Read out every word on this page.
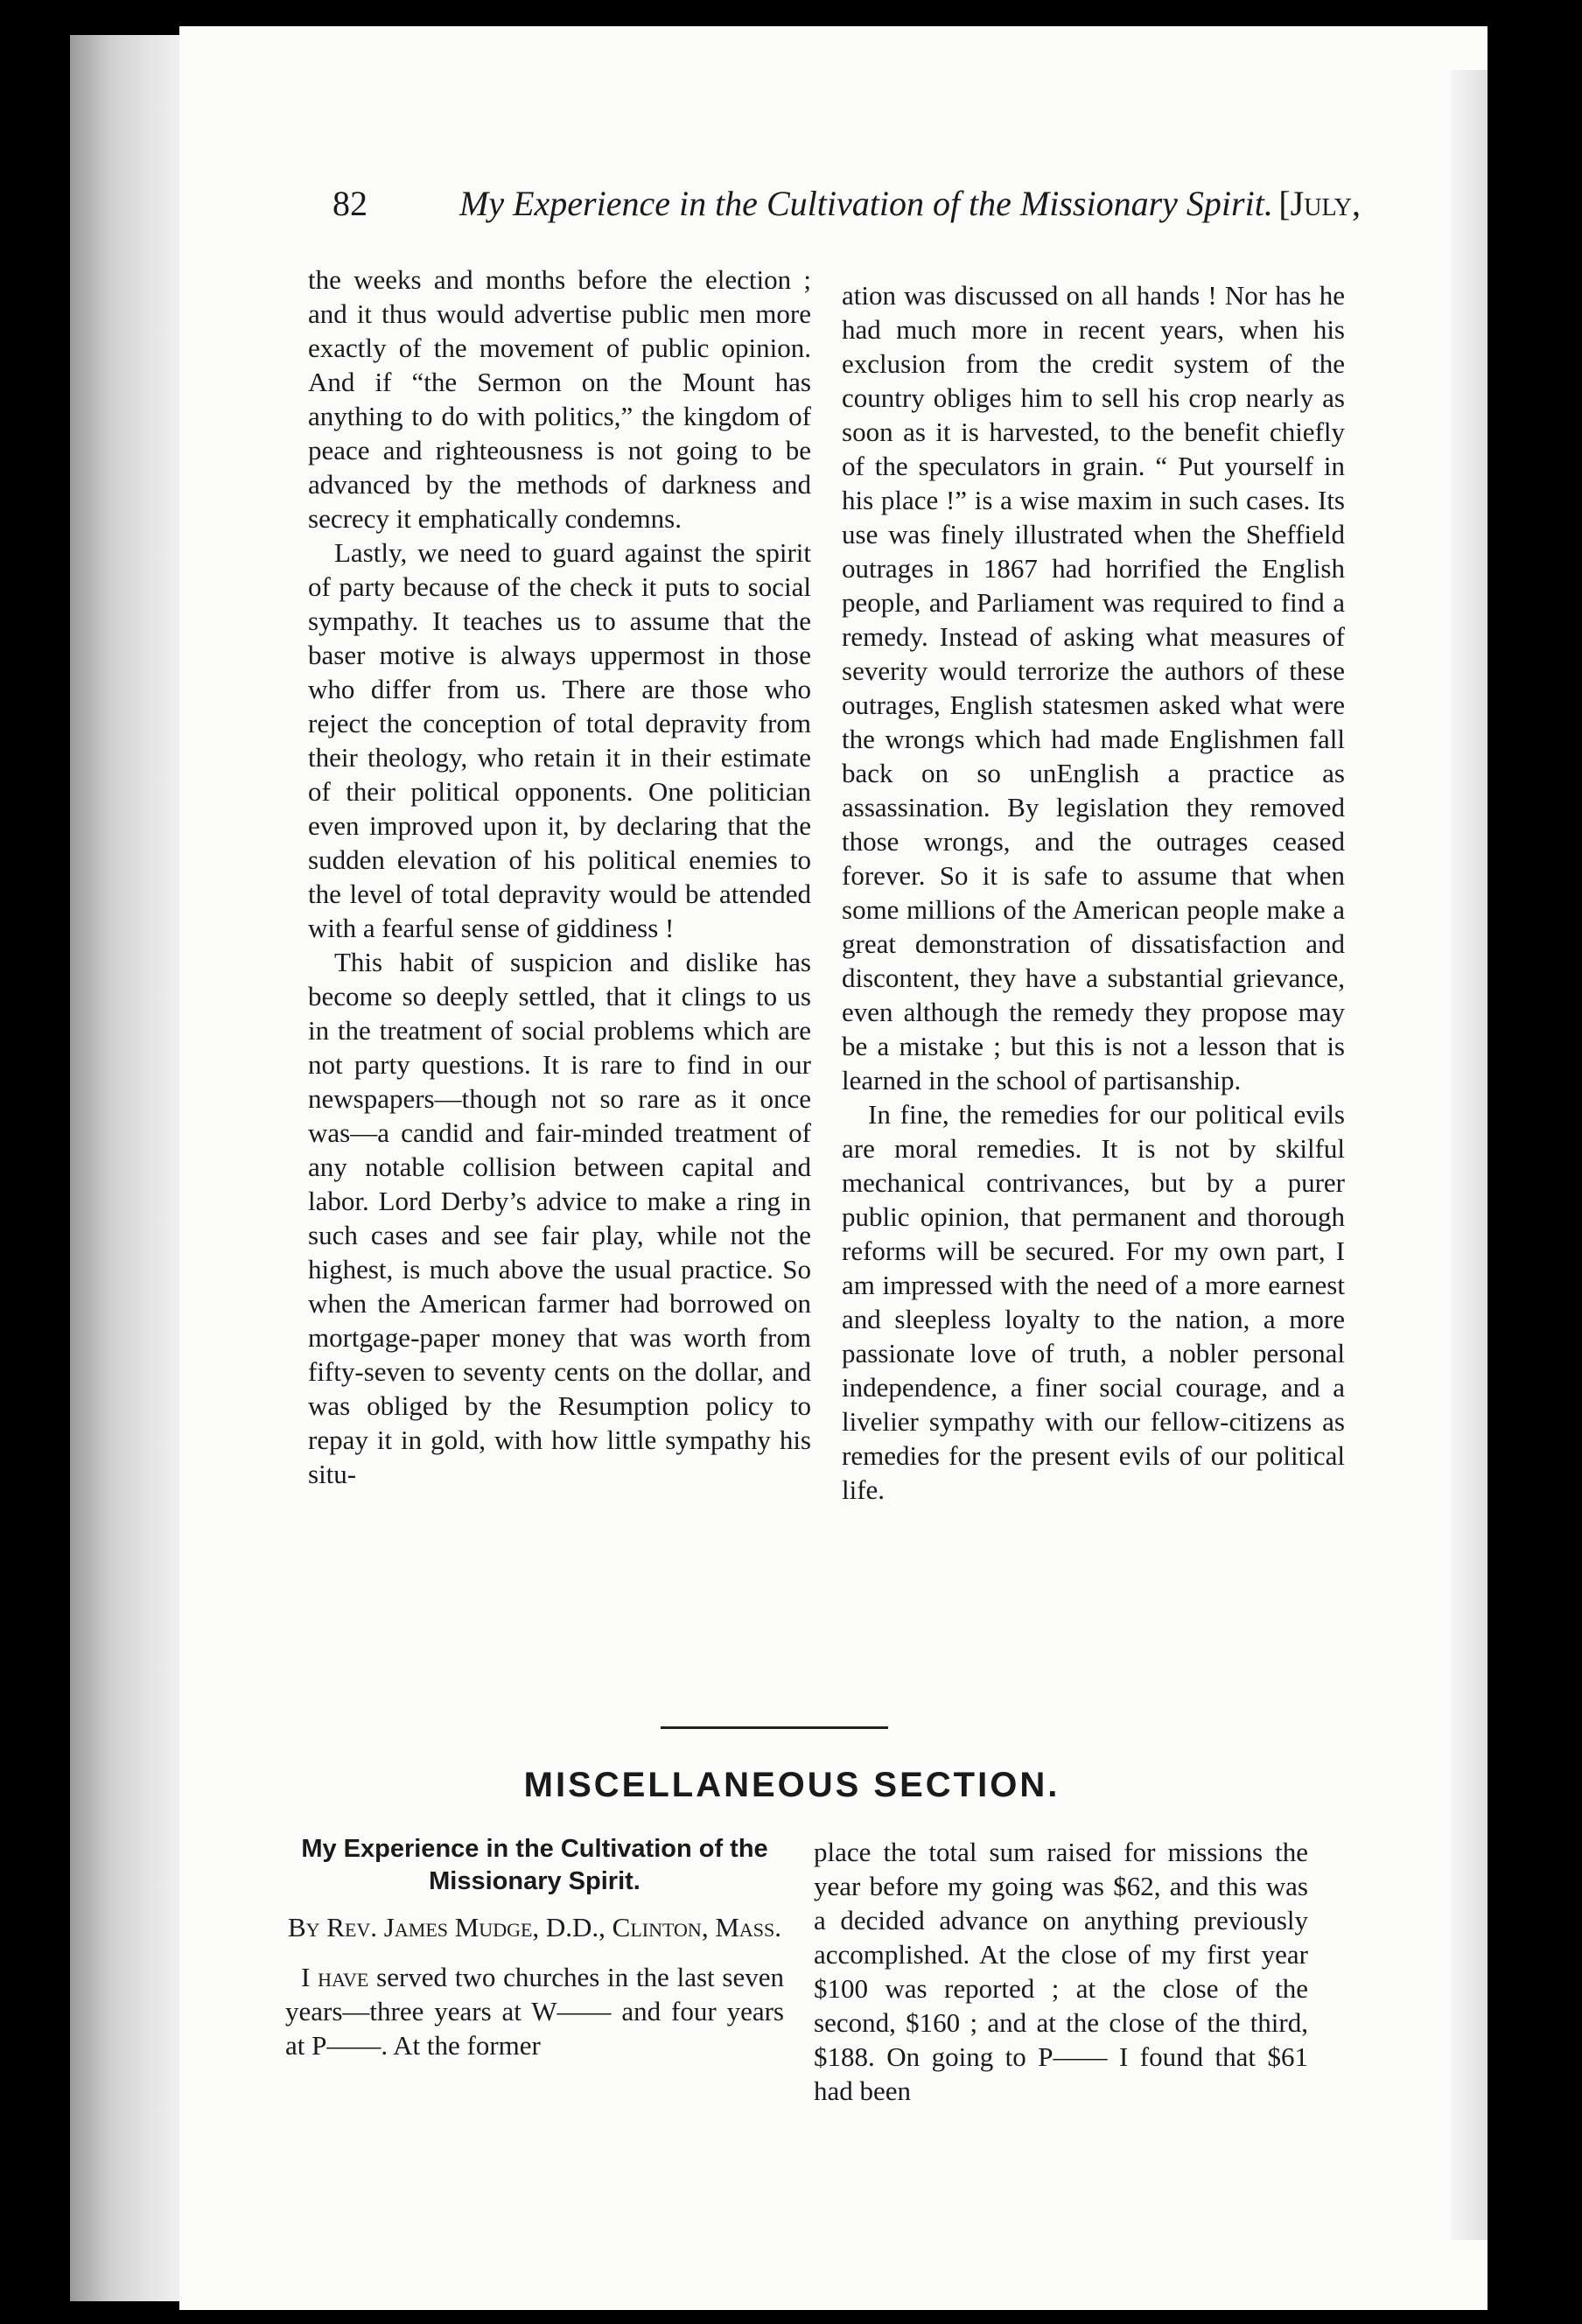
82	My Experience in the Cultivation of the Missionary Spirit. [July,

the weeks and months before the election ; and it thus would advertise public men more exactly of the movement of public opinion. And if “the Sermon on the Mount has anything to do with politics,” the kingdom of peace and righteousness is not going to be advanced by the methods of darkness and secrecy it emphatically condemns.

Lastly, we need to guard against the spirit of party because of the check it puts to social sympathy. It teaches us to assume that the baser motive is always uppermost in those who differ from us. There are those who reject the conception of total depravity from their theology, who retain it in their estimate of their political opponents. One politician even improved upon it, by declaring that the sudden elevation of his political enemies to the level of total depravity would be attended with a fearful sense of giddiness !

This habit of suspicion and dislike has become so deeply settled, that it clings to us in the treatment of social problems which are not party questions. It is rare to find in our newspapers—though not so rare as it once was—a candid and fair-minded treatment of any notable collision between capital and labor. Lord Derby’s advice to make a ring in such cases and see fair play, while not the highest, is much above the usual practice. So when the American farmer had borrowed on mortgage-paper money that was worth from fifty-seven to seventy cents on the dollar, and was obliged by the Resumption policy to repay it in gold, with how little sympathy his situ-

ation was discussed on all hands ! Nor has he had much more in recent years, when his exclusion from the credit system of the country obliges him to sell his crop nearly as soon as it is harvested, to the benefit chiefly of the speculators in grain. “ Put yourself in his place !” is a wise maxim in such cases. Its use was finely illustrated when the Sheffield outrages in 1867 had horrified the English people, and Parliament was required to find a remedy. Instead of asking what measures of severity would terrorize the authors of these outrages, English statesmen asked what were the wrongs which had made Englishmen fall back on so unEnglish a practice as assassination. By legislation they removed those wrongs, and the outrages ceased forever. So it is safe to assume that when some millions of the American people make a great demonstration of dissatisfaction and discontent, they have a substantial grievance, even although the remedy they propose may be a mistake ; but this is not a lesson that is learned in the school of partisanship.

In fine, the remedies for our political evils are moral remedies. It is not by skilful mechanical contrivances, but by a purer public opinion, that permanent and thorough reforms will be secured. For my own part, I am impressed with the need of a more earnest and sleepless loyalty to the nation, a more passionate love of truth, a nobler personal independence, a finer social courage, and a livelier sympathy with our fellow-citizens as remedies for the present evils of our political life.

MISCELLANEOUS SECTION.
My Experience in the Cultivation of the Missionary Spirit.
By Rev. James Mudge, D.D., Clinton, Mass.

I have served two churches in the last seven years—three years at W—— and four years at P——. At the former

place the total sum raised for missions the year before my going was $62, and this was a decided advance on anything previously accomplished. At the close of my first year $100 was reported ; at the close of the second, $160 ; and at the close of the third, $188. On going to P—— I found that $61 had been
